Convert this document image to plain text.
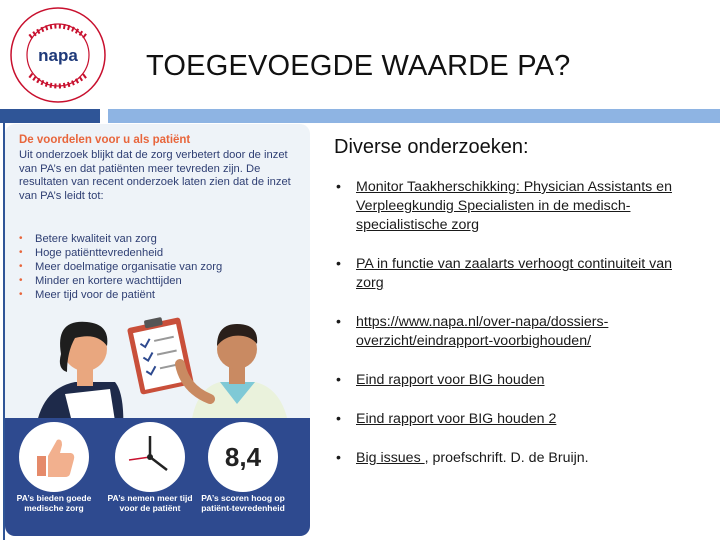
napa TOEGEVOEGDE WAARDE PA?
De voordelen voor u als patiënt
Uit onderzoek blijkt dat de zorg verbetert door de inzet van PA’s en dat patiënten meer tevreden zijn. De resultaten van recent onderzoek laten zien dat de inzet van PA’s leidt tot:
• Betere kwaliteit van zorg
• Hoge patiënttevredenheid
• Meer doelmatige organisatie van zorg
• Minder en kortere wachttijden
• Meer tijd voor de patiënt
8,4
PA’s bieden goede medische zorg
PA’s nemen meer tijd voor de patiënt
PA’s scoren hoog op patiënt-tevredenheid
Diverse onderzoeken:
• Monitor Taakherschikking: Physician Assistants en Verpleegkundig Specialisten in de medisch-specialistische zorg
• PA in functie van zaalarts verhoogt continuiteit van zorg
• https://www.napa.nl/over-napa/dossiers-overzicht/eindrapport-voorbighouden/
• Eind rapport voor BIG houden
• Eind rapport voor BIG houden 2
• Big issues , proefschrift. D. de Bruijn.
